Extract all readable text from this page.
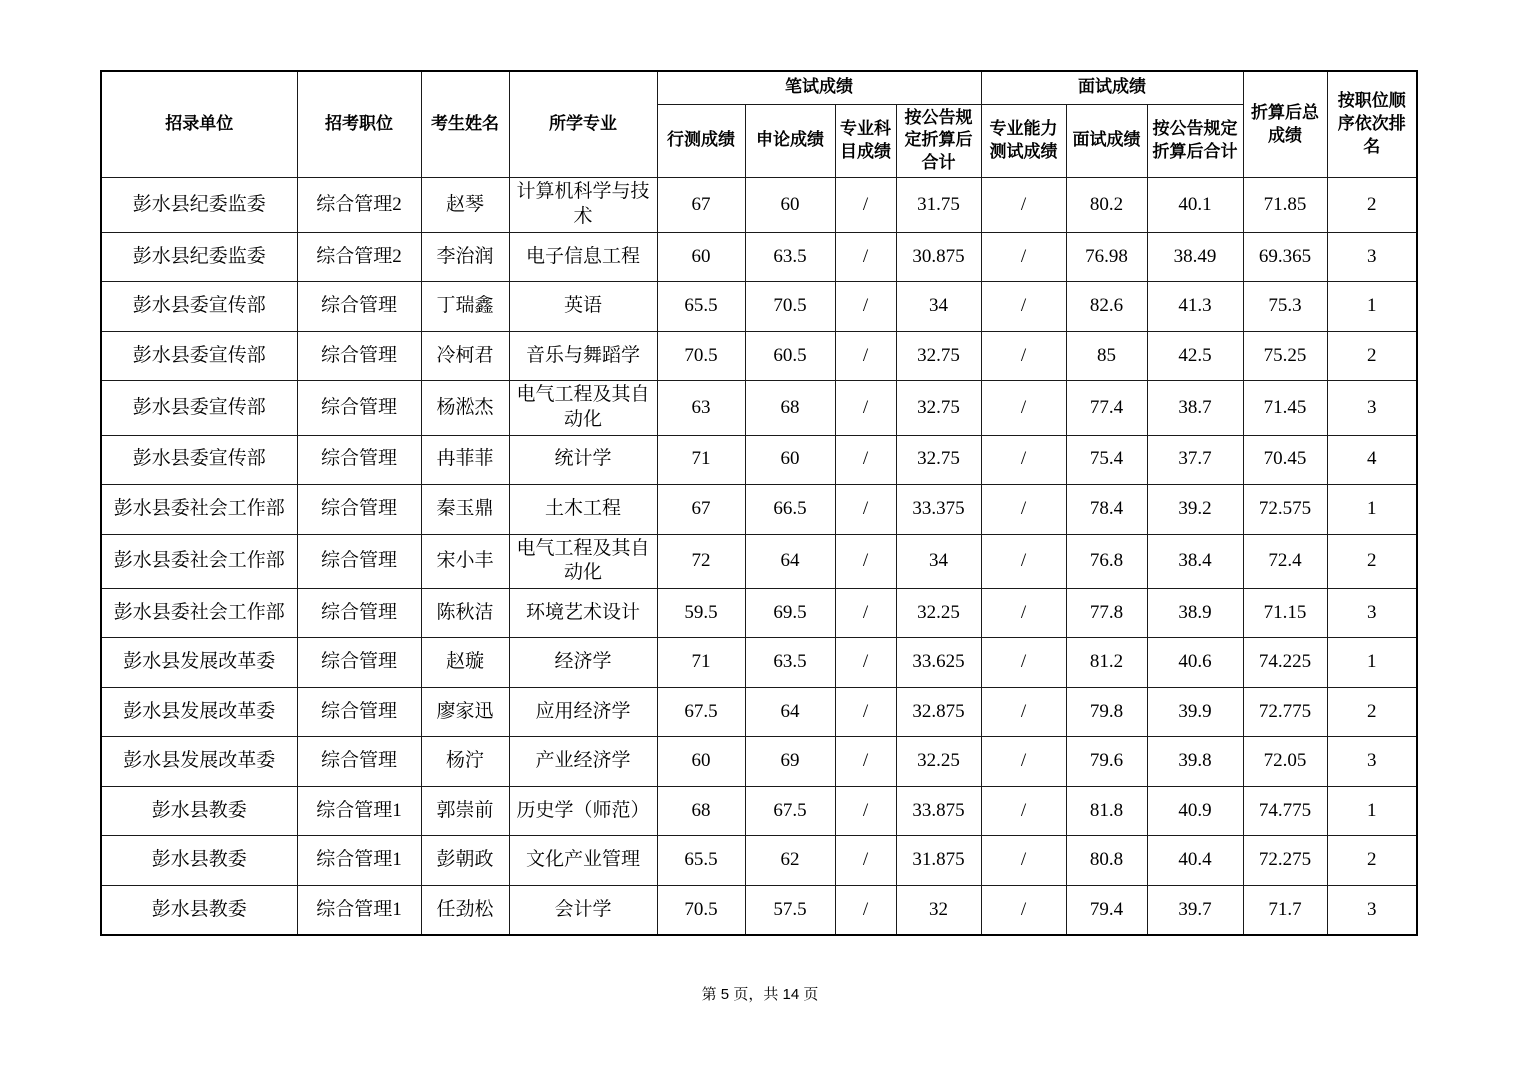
招录单位	招考职位	考生姓名	所学专业	笔试成绩				面试成绩			折算后总成绩	按职位顺序依次排名
				行测成绩	申论成绩	专业科目成绩	按公告规定折算后合计	专业能力测试成绩	面试成绩	按公告规定折算后合计		
彭水县纪委监委	综合管理2	赵琴	计算机科学与技术	67	60	/	31.75	/	80.2	40.1	71.85	2
彭水县纪委监委	综合管理2	李治润	电子信息工程	60	63.5	/	30.875	/	76.98	38.49	69.365	3
彭水县委宣传部	综合管理	丁瑞鑫	英语	65.5	70.5	/	34	/	82.6	41.3	75.3	1
彭水县委宣传部	综合管理	冷柯君	音乐与舞蹈学	70.5	60.5	/	32.75	/	85	42.5	75.25	2
彭水县委宣传部	综合管理	杨淞杰	电气工程及其自动化	63	68	/	32.75	/	77.4	38.7	71.45	3
彭水县委宣传部	综合管理	冉菲菲	统计学	71	60	/	32.75	/	75.4	37.7	70.45	4
彭水县委社会工作部	综合管理	秦玉鼎	土木工程	67	66.5	/	33.375	/	78.4	39.2	72.575	1
彭水县委社会工作部	综合管理	宋小丰	电气工程及其自动化	72	64	/	34	/	76.8	38.4	72.4	2
彭水县委社会工作部	综合管理	陈秋洁	环境艺术设计	59.5	69.5	/	32.25	/	77.8	38.9	71.15	3
彭水县发展改革委	综合管理	赵璇	经济学	71	63.5	/	33.625	/	81.2	40.6	74.225	1
彭水县发展改革委	综合管理	廖家迅	应用经济学	67.5	64	/	32.875	/	79.8	39.9	72.775	2
彭水县发展改革委	综合管理	杨泞	产业经济学	60	69	/	32.25	/	79.6	39.8	72.05	3
彭水县教委	综合管理1	郭崇前	历史学（师范）	68	67.5	/	33.875	/	81.8	40.9	74.775	1
彭水县教委	综合管理1	彭朝政	文化产业管理	65.5	62	/	31.875	/	80.8	40.4	72.275	2
彭水县教委	综合管理1	任劲松	会计学	70.5	57.5	/	32	/	79.4	39.7	71.7	3
第 5 页，共 14 页
